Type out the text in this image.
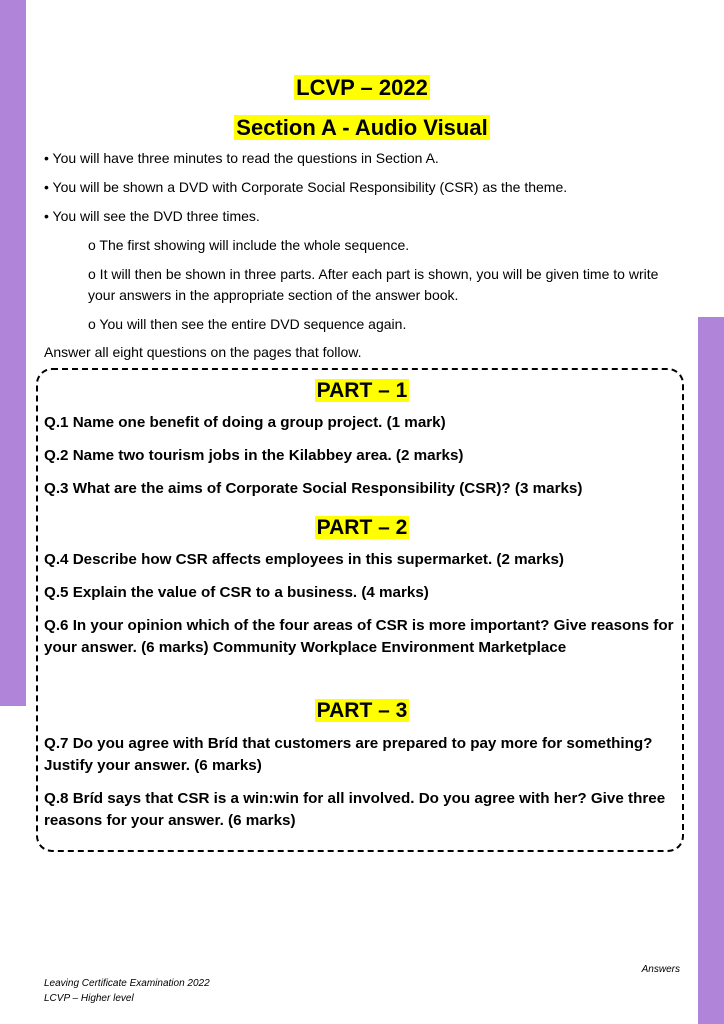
LCVP – 2022
Section A - Audio Visual
• You will have three minutes to read the questions in Section A.
• You will be shown a DVD with Corporate Social Responsibility (CSR) as the theme.
• You will see the DVD three times.
o The first showing will include the whole sequence.
o It will then be shown in three parts. After each part is shown, you will be given time to write your answers in the appropriate section of the answer book.
o You will then see the entire DVD sequence again.
Answer all eight questions on the pages that follow.
PART – 1
Q.1 Name one benefit of doing a group project. (1 mark)
Q.2 Name two tourism jobs in the Kilabbey area. (2 marks)
Q.3 What are the aims of Corporate Social Responsibility (CSR)? (3 marks)
PART – 2
Q.4 Describe how CSR affects employees in this supermarket. (2 marks)
Q.5 Explain the value of CSR to a business. (4 marks)
Q.6 In your opinion which of the four areas of CSR is more important? Give reasons for your answer. (6 marks) Community Workplace Environment Marketplace
PART – 3
Q.7 Do you agree with Bríd that customers are prepared to pay more for something? Justify your answer. (6 marks)
Q.8 Bríd says that CSR is a win:win for all involved. Do you agree with her? Give three reasons for your answer. (6 marks)
Answers
Leaving Certificate Examination 2022
LCVP – Higher level
